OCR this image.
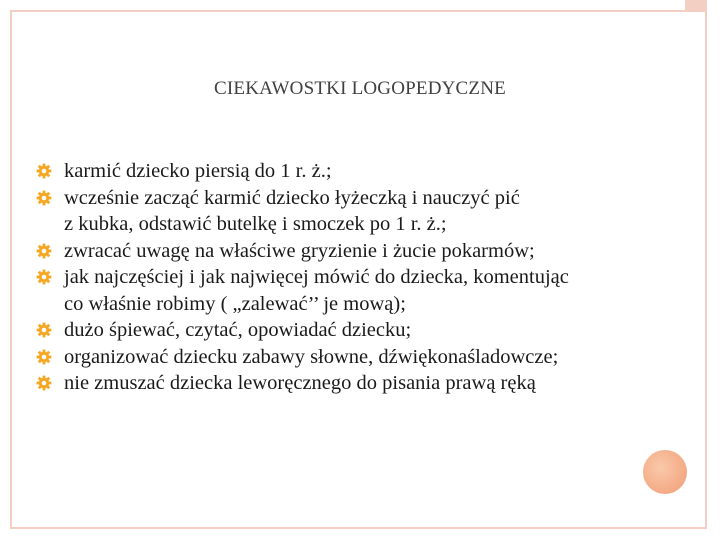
CIEKAWOSTKI LOGOPEDYCZNE
karmić dziecko piersią do 1 r. ż.;
wcześnie zacząć karmić dziecko łyżeczką i nauczyć pić
z kubka, odstawić butelkę i smoczek po 1 r. ż.;
zwracać uwagę na właściwe gryzienie i żucie pokarmów;
jak najczęściej i jak najwięcej mówić do dziecka, komentując
co właśnie robimy ( „zalewać’’ je mową);
dużo śpiewać, czytać, opowiadać dziecku;
organizować dziecku zabawy słowne, dźwiękonaśladowcze;
nie zmuszać dziecka leworęcznego do pisania prawą ręką
